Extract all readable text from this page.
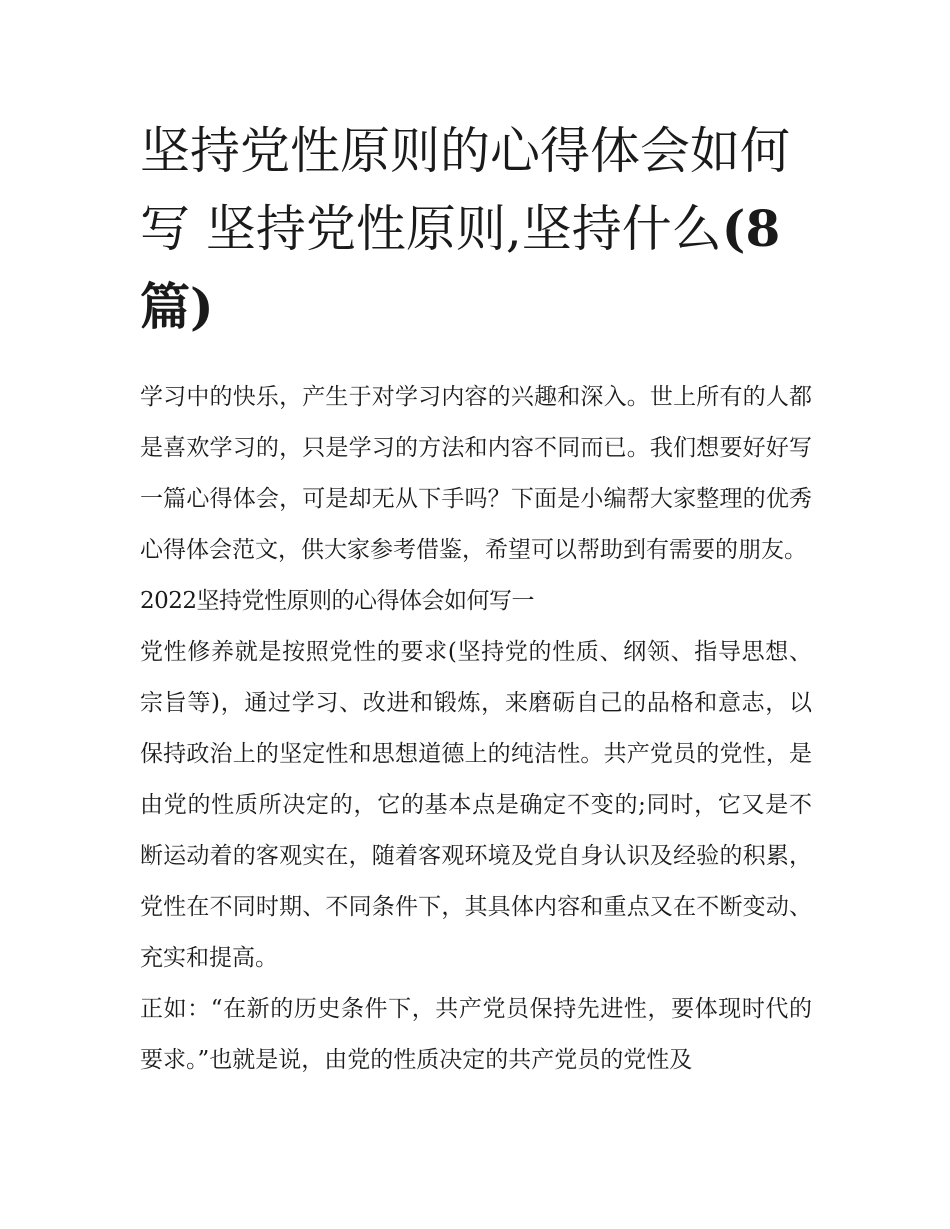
坚持党性原则的心得体会如何写 坚持党性原则,坚持什么(8篇)

学习中的快乐，产生于对学习内容的兴趣和深入。世上所有的人都是喜欢学习的，只是学习的方法和内容不同而已。我们想要好好写一篇心得体会，可是却无从下手吗？下面是小编帮大家整理的优秀心得体会范文，供大家参考借鉴，希望可以帮助到有需要的朋友。

2022坚持党性原则的心得体会如何写一

党性修养就是按照党性的要求(坚持党的性质、纲领、指导思想、宗旨等)，通过学习、改进和锻炼，来磨砺自己的品格和意志，以保持政治上的坚定性和思想道德上的纯洁性。共产党员的党性，是由党的性质所决定的，它的基本点是确定不变的;同时，它又是不断运动着的客观实在，随着客观环境及党自身认识及经验的积累，党性在不同时期、不同条件下，其具体内容和重点又在不断变动、充实和提高。

正如：“在新的历史条件下，共产党员保持先进性，要体现时代的要求。”也就是说，由党的性质决定的共产党员的党性及
